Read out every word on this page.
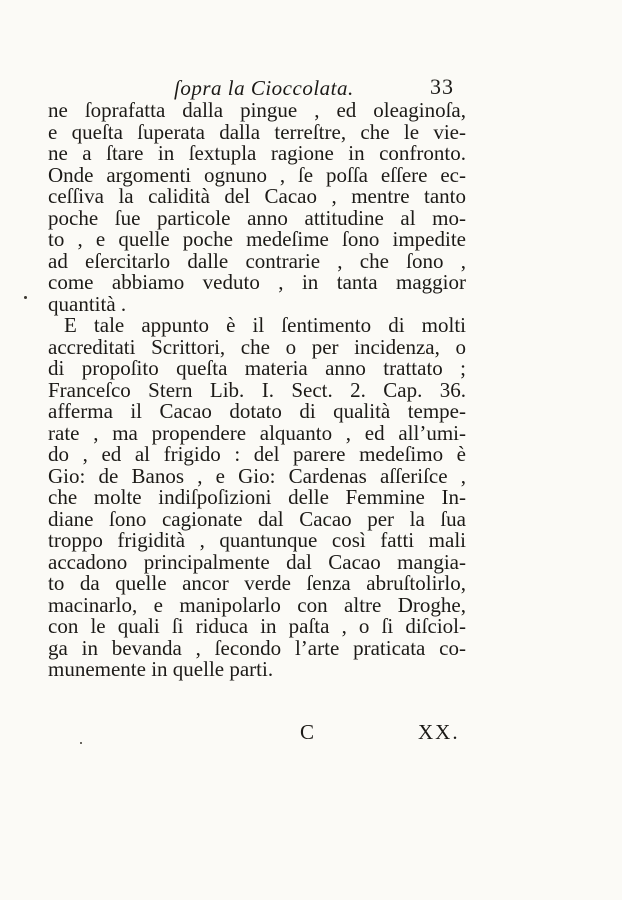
ſopra la Cioccolata.	33
ne ſoprafatta dalla pingue , ed oleaginoſa,
e queſta ſuperata dalla terreſtre, che le vie-
ne a ſtare in ſextupla ragione in confronto.
Onde argomenti ognuno , ſe poſſa eſſere ec-
ceſſiva la calidità del Cacao , mentre tanto
poche ſue particole anno attitudine al mo-
to , e quelle poche medeſime ſono impedite
ad eſercitarlo dalle contrarie , che ſono ,
come abbiamo veduto , in tanta maggior
quantità .
E tale appunto è il ſentimento di molti
accreditati Scrittori, che o per incidenza, o
di propoſito queſta materia anno trattato ;
Franceſco Stern Lib. I. Sect. 2. Cap. 36.
afferma il Cacao dotato di qualità tempe-
rate , ma propendere alquanto , ed all’umi-
do , ed al frigido : del parere medeſimo è
Gio: de Banos , e Gio: Cardenas aſſeriſce ,
che molte indiſpoſizioni delle Femmine In-
diane ſono cagionate dal Cacao per la ſua
troppo frigidità , quantunque così fatti mali
accadono principalmente dal Cacao mangia-
to da quelle ancor verde ſenza abruſtolirlo,
macinarlo, e manipolarlo con altre Droghe,
con le quali ſi riduca in paſta , o ſi diſciol-
ga in bevanda , ſecondo l’arte praticata co-
munemente in quelle parti.
C	XX.
